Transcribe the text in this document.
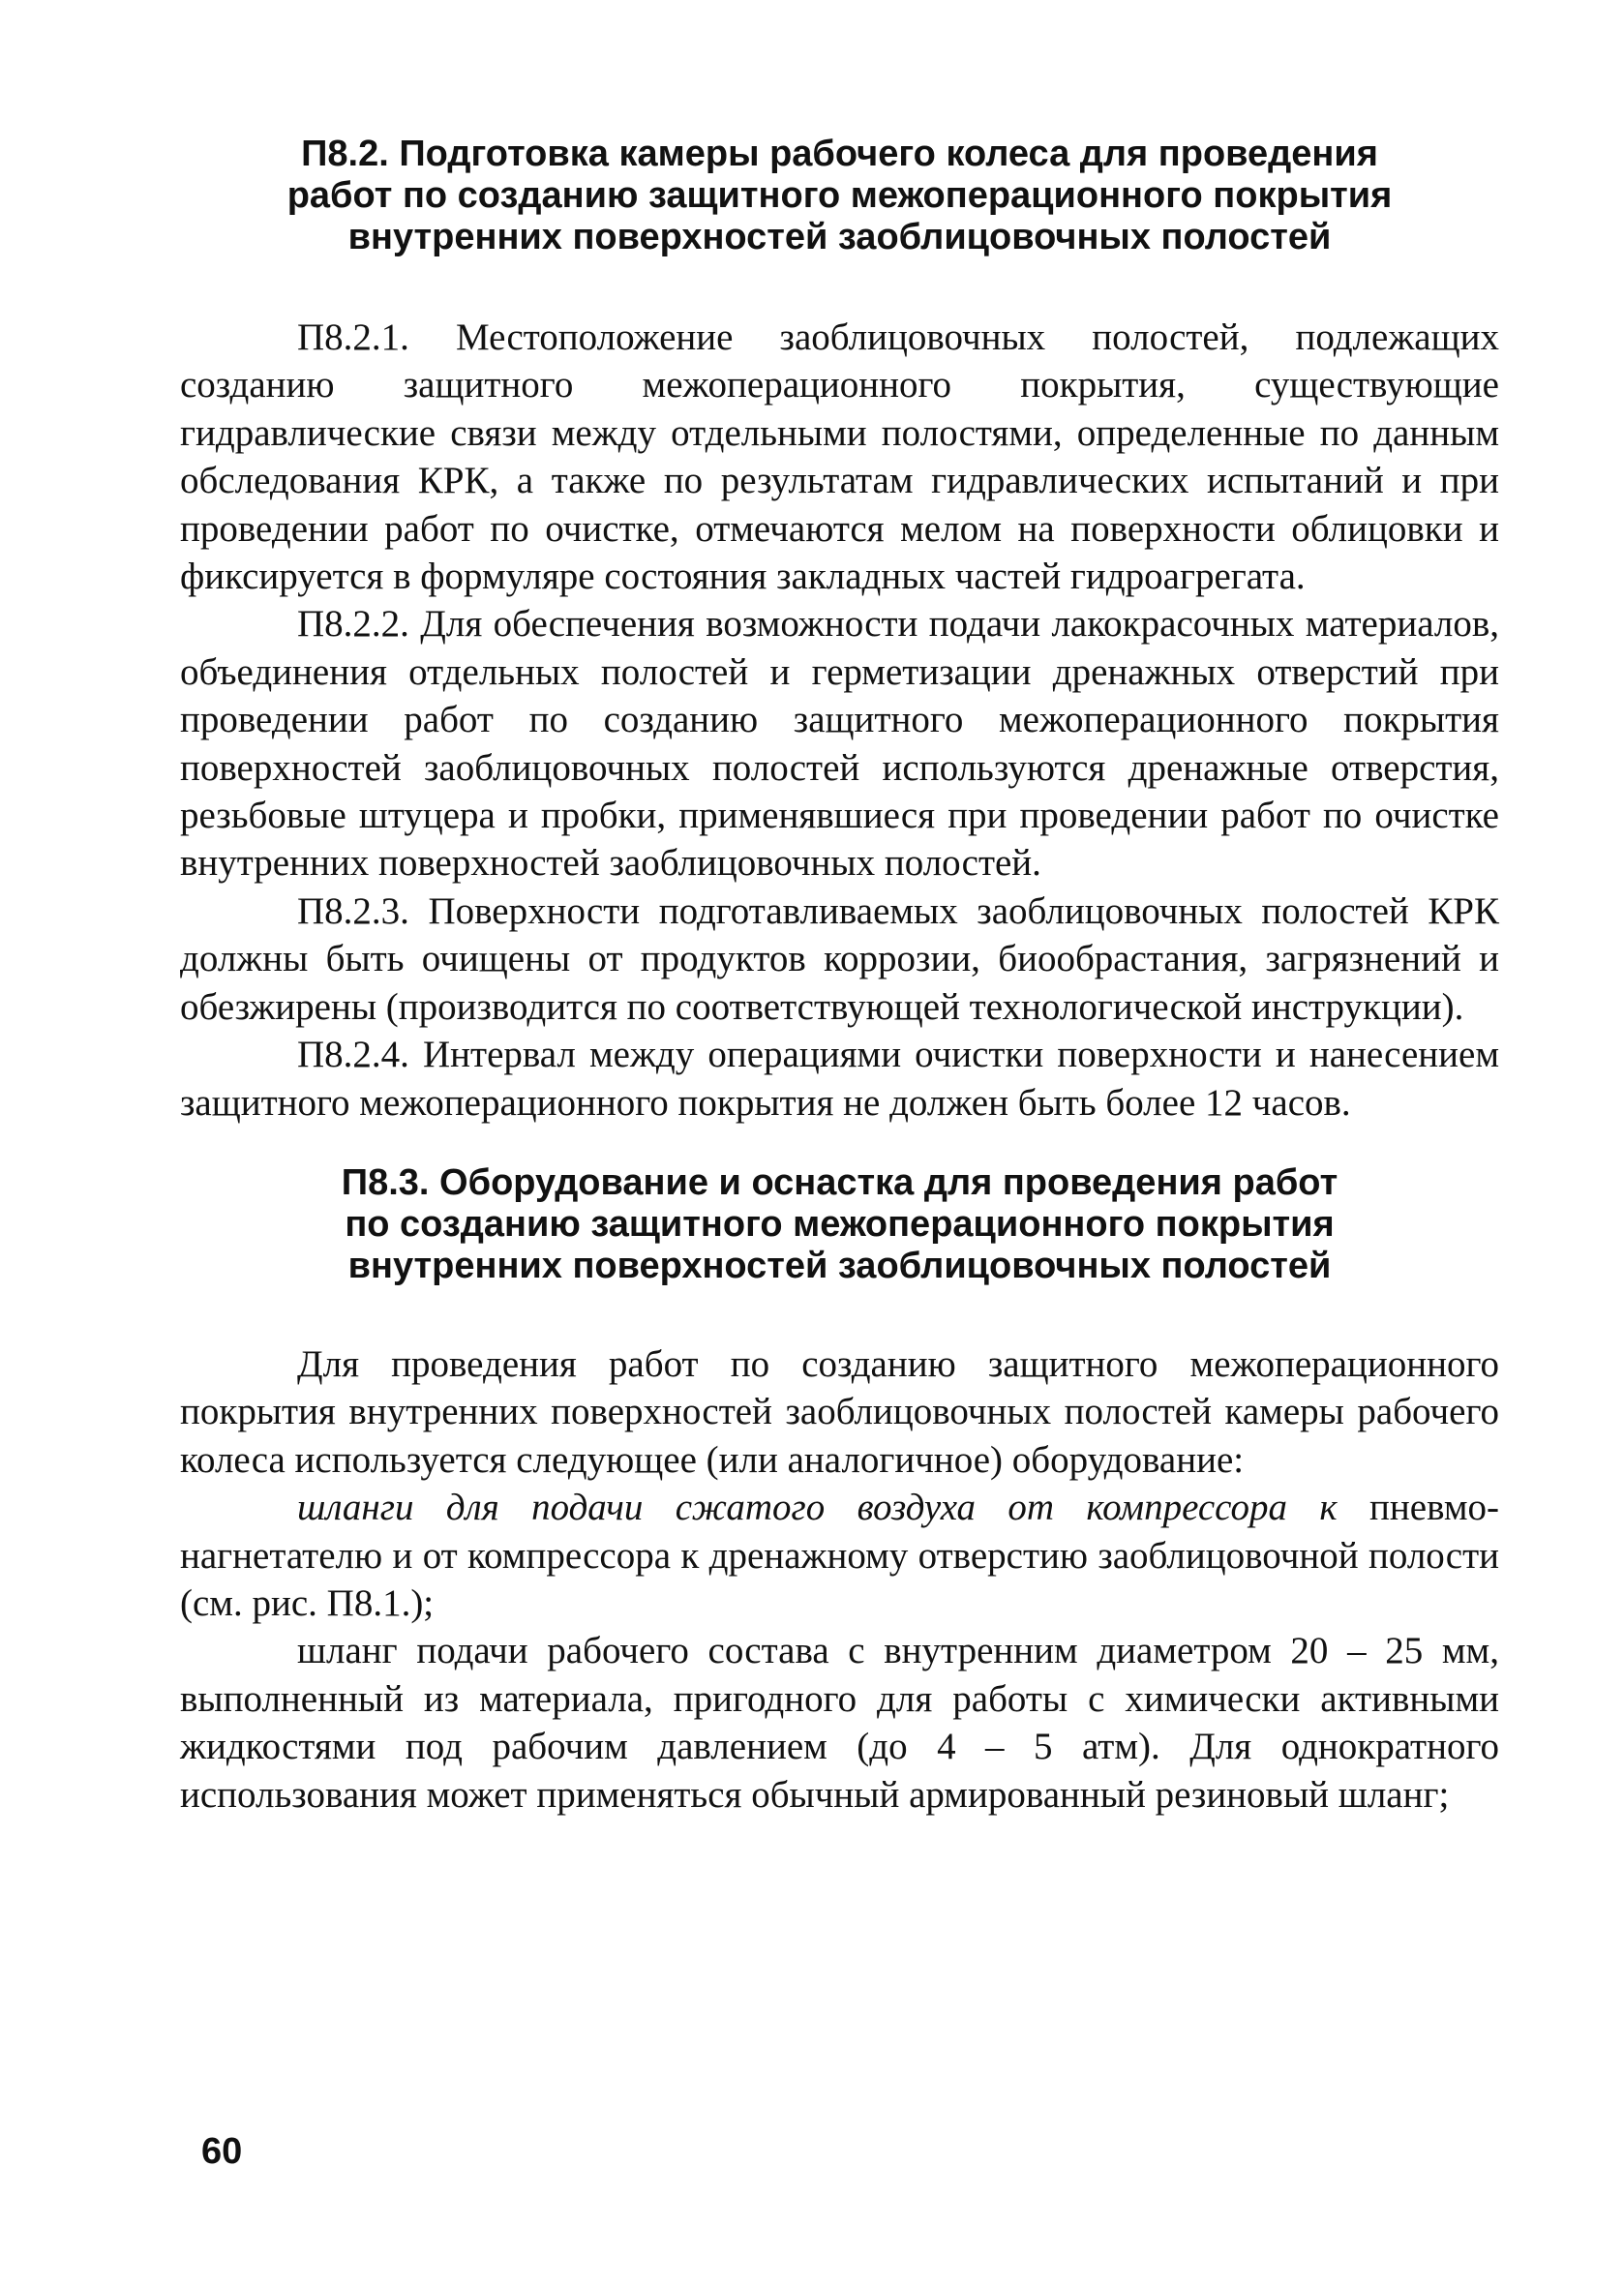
П8.2. Подготовка камеры рабочего колеса для проведения
работ по созданию защитного межоперационного покрытия
внутренних поверхностей заоблицовочных полостей

П8.2.1. Местоположение заоблицовочных полостей, подлежащих созданию защитного межоперационного покрытия, существующие гидравлические связи между отдельными полостями, определенные по данным обследования КРК, а также по результатам гидравлических испытаний и при проведении работ по очистке, отмечаются мелом на поверхности облицовки и фиксируется в формуляре состояния закладных частей гидроагрегата.

П8.2.2. Для обеспечения возможности подачи лакокрасочных материалов, объединения отдельных полостей и герметизации дренажных отверстий при проведении работ по созданию защитного межоперационного покрытия поверхностей заоблицовочных полостей используются дренажные отверстия, резьбовые штуцера и пробки, применявшиеся при проведении работ по очистке внутренних поверхностей заоблицовочных полостей.

П8.2.3. Поверхности подготавливаемых заоблицовочных полостей КРК должны быть очищены от продуктов коррозии, биообрастания, загрязнений и обезжирены (производится по соответствующей технологической инструкции).

П8.2.4. Интервал между операциями очистки поверхности и нанесением защитного межоперационного покрытия не должен быть более 12 часов.

П8.3. Оборудование и оснастка для проведения работ
по созданию защитного межоперационного покрытия
внутренних поверхностей заоблицовочных полостей

Для проведения работ по созданию защитного межоперационного покрытия внутренних поверхностей заоблицовочных полостей камеры рабочего колеса используется следующее (или аналогичное) оборудование:

шланги для подачи сжатого воздуха от компрессора к пневмонагнетателю и от компрессора к дренажному отверстию заоблицовочной полости (см. рис. П8.1.);

шланг подачи рабочего состава с внутренним диаметром 20 – 25 мм, выполненный из материала, пригодного для работы с химически активными жидкостями под рабочим давлением (до 4 – 5 атм). Для однократного использования может применяться обычный армированный резиновый шланг;

60
